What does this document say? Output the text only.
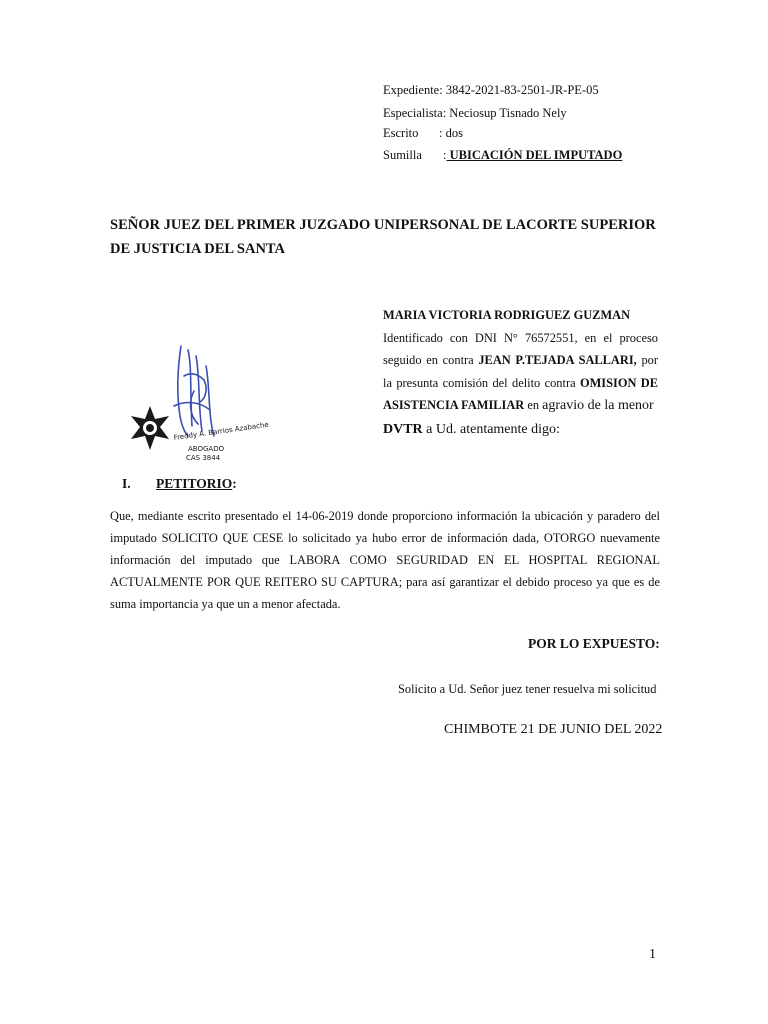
Expediente: 3842-2021-83-2501-JR-PE-05
Especialista: Neciosup Tisnado Nely
Escrito : dos
Sumilla : UBICACIÓN DEL IMPUTADO
SEÑOR JUEZ DEL PRIMER JUZGADO UNIPERSONAL DE LACORTE SUPERIOR
DE JUSTICIA DEL SANTA
MARIA VICTORIA RODRIGUEZ GUZMAN
Identificado con DNI N° 76572551, en el proceso seguido en contra JEAN P.TEJADA SALLARI, por la presunta comisión del delito contra OMISION DE ASISTENCIA FAMILIAR en agravio de la menor
DVTR a Ud. atentamente digo:
Freddy A. Barrios Azabache
ABOGADO
CAS 3844
I. PETITORIO:
Que, mediante escrito presentado el 14-06-2019 donde proporciono información la ubicación y paradero del imputado SOLICITO QUE CESE lo solicitado ya hubo error de información dada, OTORGO nuevamente información del imputado que LABORA COMO SEGURIDAD EN EL HOSPITAL REGIONAL ACTUALMENTE POR QUE REITERO SU CAPTURA; para así garantizar el debido proceso ya que es de suma importancia ya que un a menor afectada.
POR LO EXPUESTO:
Solicito a Ud. Señor juez tener resuelva mi solicitud
CHIMBOTE 21 DE JUNIO DEL 2022
1
